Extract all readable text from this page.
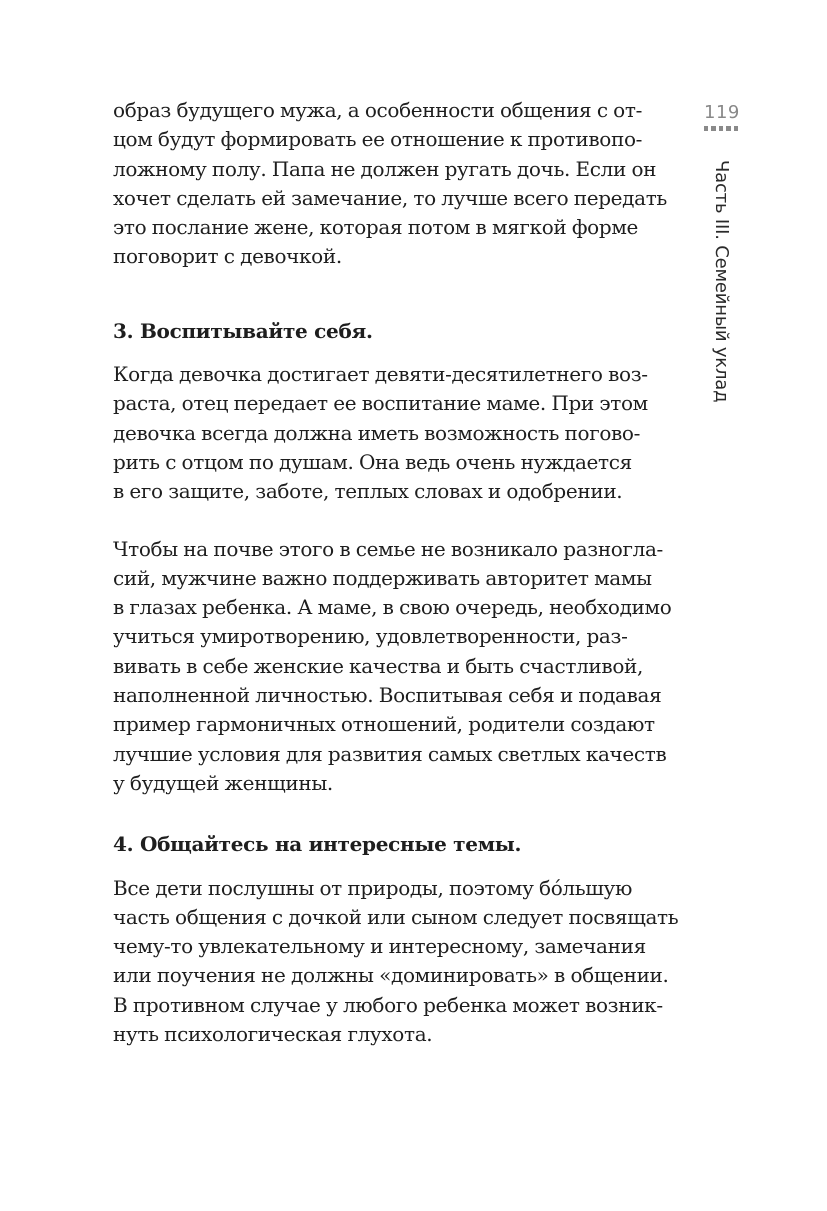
119
Часть III. Семейный уклад

образ будущего мужа, а особенности общения с от-
цом будут формировать ее отношение к противопо-
ложному полу. Папа не должен ругать дочь. Если он
хочет сделать ей замечание, то лучше всего передать
это послание жене, которая потом в мягкой форме
поговорит с девочкой.

3. Воспитывайте себя.

Когда девочка достигает девяти-десятилетнего воз-
раста, отец передает ее воспитание маме. При этом
девочка всегда должна иметь возможность погово-
рить с отцом по душам. Она ведь очень нуждается
в его защите, заботе, теплых словах и одобрении.

Чтобы на почве этого в семье не возникало разногла-
сий, мужчине важно поддерживать авторитет мамы
в глазах ребенка. А маме, в свою очередь, необходимо
учиться умиротворению, удовлетворенности, раз-
вивать в себе женские качества и быть счастливой,
наполненной личностью. Воспитывая себя и подавая
пример гармоничных отношений, родители создают
лучшие условия для развития самых светлых качеств
у будущей женщины.

4. Общайтесь на интересные темы.

Все дети послушны от природы, поэтому бóльшую
часть общения с дочкой или сыном следует посвящать
чему-то увлекательному и интересному, замечания
или поучения не должны «доминировать» в общении.
В противном случае у любого ребенка может возник-
нуть психологическая глухота.
